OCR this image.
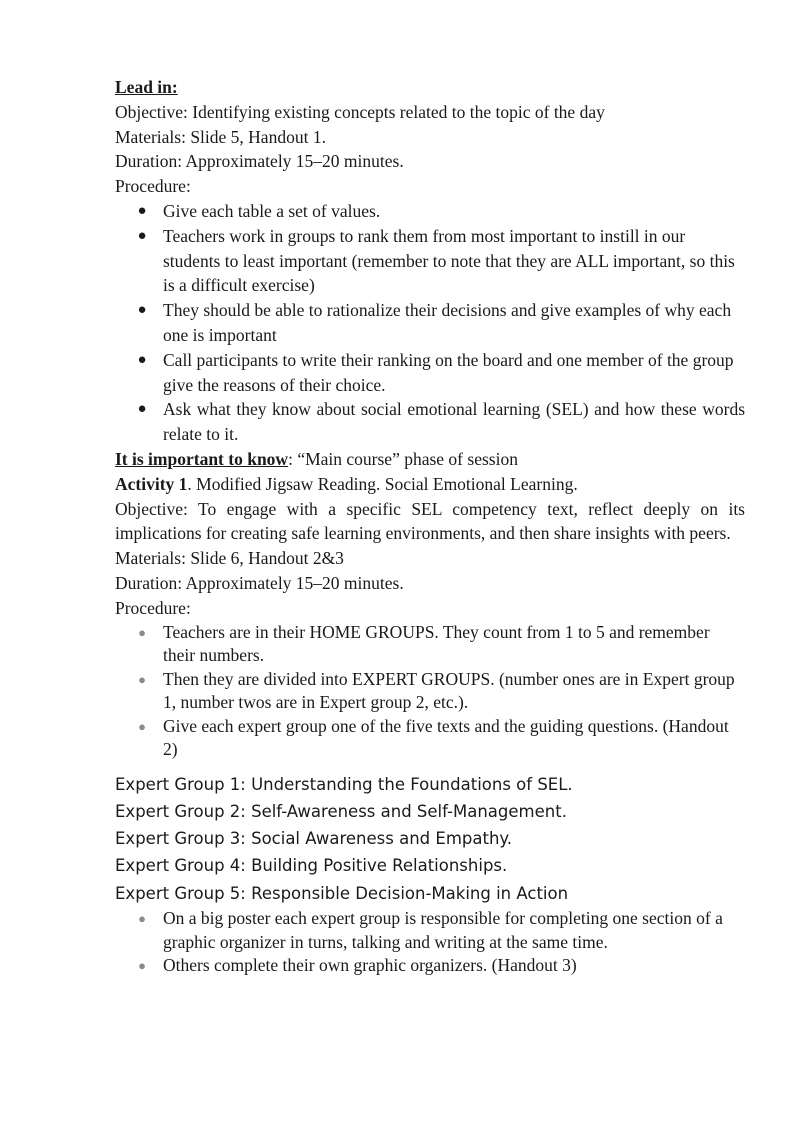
Lead in:

Objective: Identifying existing concepts related to the topic of the day

Materials: Slide 5, Handout 1.

Duration: Approximately 15–20 minutes.

Procedure:

● Give each table a set of values.
● Teachers work in groups to rank them from most important to instill in our students to least important (remember to note that they are ALL important, so this is a difficult exercise)
● They should be able to rationalize their decisions and give examples of why each one is important
● Call participants to write their ranking on the board and one member of the group give the reasons of their choice.
● Ask what they know about social emotional learning (SEL) and how these words relate to it.

It is important to know: “Main course” phase of session

Activity 1. Modified Jigsaw Reading. Social Emotional Learning.

Objective: To engage with a specific SEL competency text, reflect deeply on its implications for creating safe learning environments, and then share insights with peers.

Materials: Slide 6, Handout 2&3

Duration: Approximately 15–20 minutes.

Procedure:

● Teachers are in their HOME GROUPS. They count from 1 to 5 and remember their numbers.
● Then they are divided into EXPERT GROUPS. (number ones are in Expert group 1, number twos are in Expert group 2, etc.).
● Give each expert group one of the five texts and the guiding questions. (Handout 2)

Expert Group 1: Understanding the Foundations of SEL.

Expert Group 2: Self-Awareness and Self-Management.

Expert Group 3: Social Awareness and Empathy.

Expert Group 4: Building Positive Relationships.

Expert Group 5: Responsible Decision-Making in Action

● On a big poster each expert group is responsible for completing one section of a graphic organizer in turns, talking and writing at the same time.
● Others complete their own graphic organizers. (Handout 3)
